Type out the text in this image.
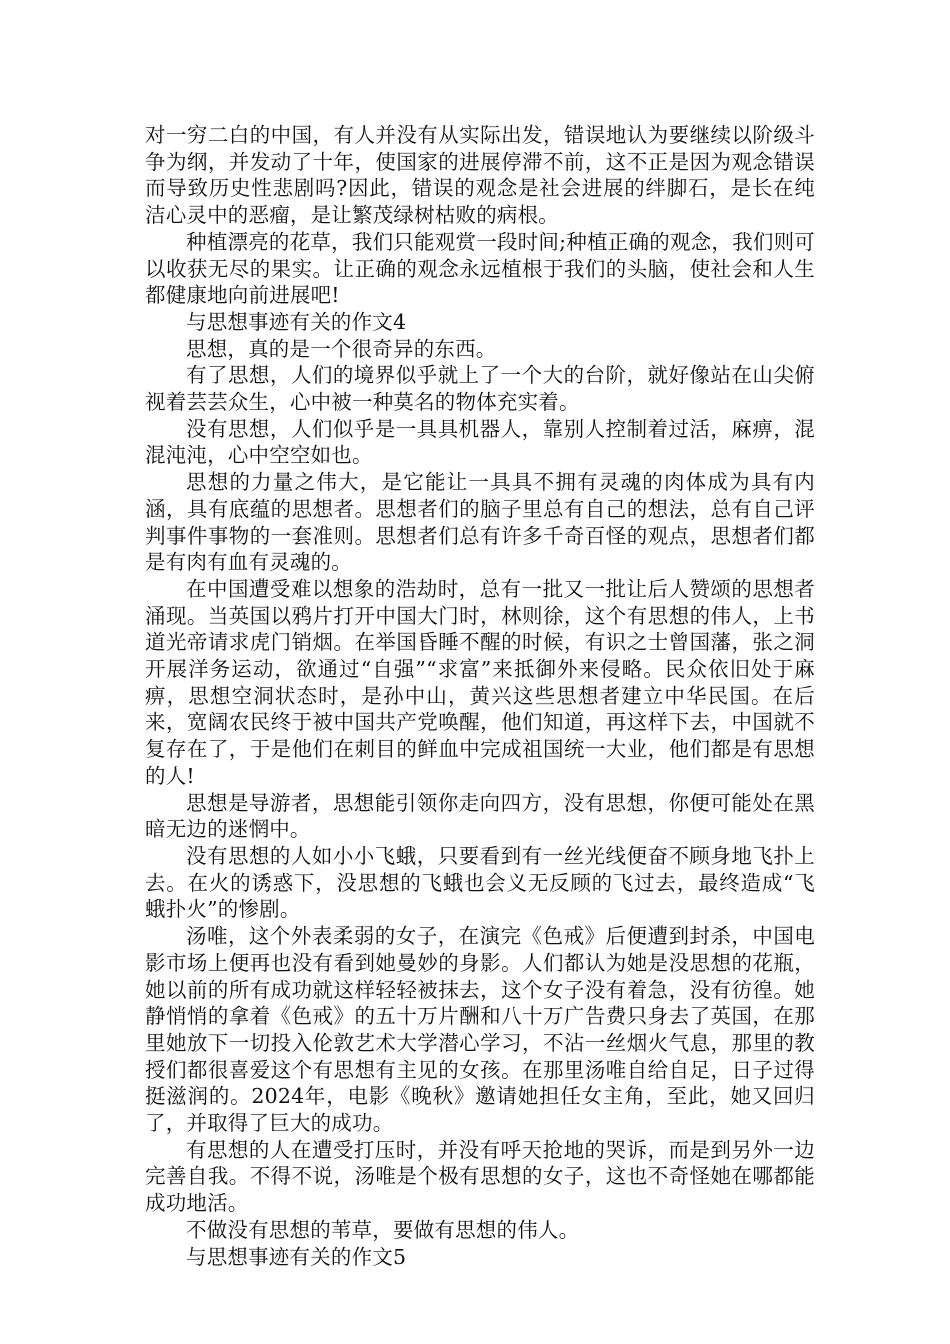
对一穷二白的中国，有人并没有从实际出发，错误地认为要继续以阶级斗争为纲，并发动了十年，使国家的进展停滞不前，这不正是因为观念错误而导致历史性悲剧吗?因此，错误的观念是社会进展的绊脚石，是长在纯洁心灵中的恶瘤，是让繁茂绿树枯败的病根。

种植漂亮的花草，我们只能观赏一段时间;种植正确的观念，我们则可以收获无尽的果实。让正确的观念永远植根于我们的头脑，使社会和人生都健康地向前进展吧!

与思想事迹有关的作文4

思想，真的是一个很奇异的东西。

有了思想，人们的境界似乎就上了一个大的台阶，就好像站在山尖俯视着芸芸众生，心中被一种莫名的物体充实着。

没有思想，人们似乎是一具具机器人，靠别人控制着过活，麻痹，混混沌沌，心中空空如也。

思想的力量之伟大，是它能让一具具不拥有灵魂的肉体成为具有内涵，具有底蕴的思想者。思想者们的脑子里总有自己的想法，总有自己评判事件事物的一套准则。思想者们总有许多千奇百怪的观点，思想者们都是有肉有血有灵魂的。

在中国遭受难以想象的浩劫时，总有一批又一批让后人赞颂的思想者涌现。当英国以鸦片打开中国大门时，林则徐，这个有思想的伟人，上书道光帝请求虎门销烟。在举国昏睡不醒的时候，有识之士曾国藩，张之洞开展洋务运动，欲通过“自强”“求富”来抵御外来侵略。民众依旧处于麻痹，思想空洞状态时，是孙中山，黄兴这些思想者建立中华民国。在后来，宽阔农民终于被中国共产党唤醒，他们知道，再这样下去，中国就不复存在了，于是他们在刺目的鲜血中完成祖国统一大业，他们都是有思想的人!

思想是导游者，思想能引领你走向四方，没有思想，你便可能处在黑暗无边的迷惘中。

没有思想的人如小小飞蛾，只要看到有一丝光线便奋不顾身地飞扑上去。在火的诱惑下，没思想的飞蛾也会义无反顾的飞过去，最终造成“飞蛾扑火”的惨剧。

汤唯，这个外表柔弱的女子，在演完《色戒》后便遭到封杀，中国电影市场上便再也没有看到她曼妙的身影。人们都认为她是没思想的花瓶，她以前的所有成功就这样轻轻被抹去，这个女子没有着急，没有彷徨。她静悄悄的拿着《色戒》的五十万片酬和八十万广告费只身去了英国，在那里她放下一切投入伦敦艺术大学潜心学习，不沾一丝烟火气息，那里的教授们都很喜爱这个有思想有主见的女孩。在那里汤唯自给自足，日子过得挺滋润的。2024年，电影《晚秋》邀请她担任女主角，至此，她又回归了，并取得了巨大的成功。

有思想的人在遭受打压时，并没有呼天抢地的哭诉，而是到另外一边完善自我。不得不说，汤唯是个极有思想的女子，这也不奇怪她在哪都能成功地活。

不做没有思想的苇草，要做有思想的伟人。

与思想事迹有关的作文5
